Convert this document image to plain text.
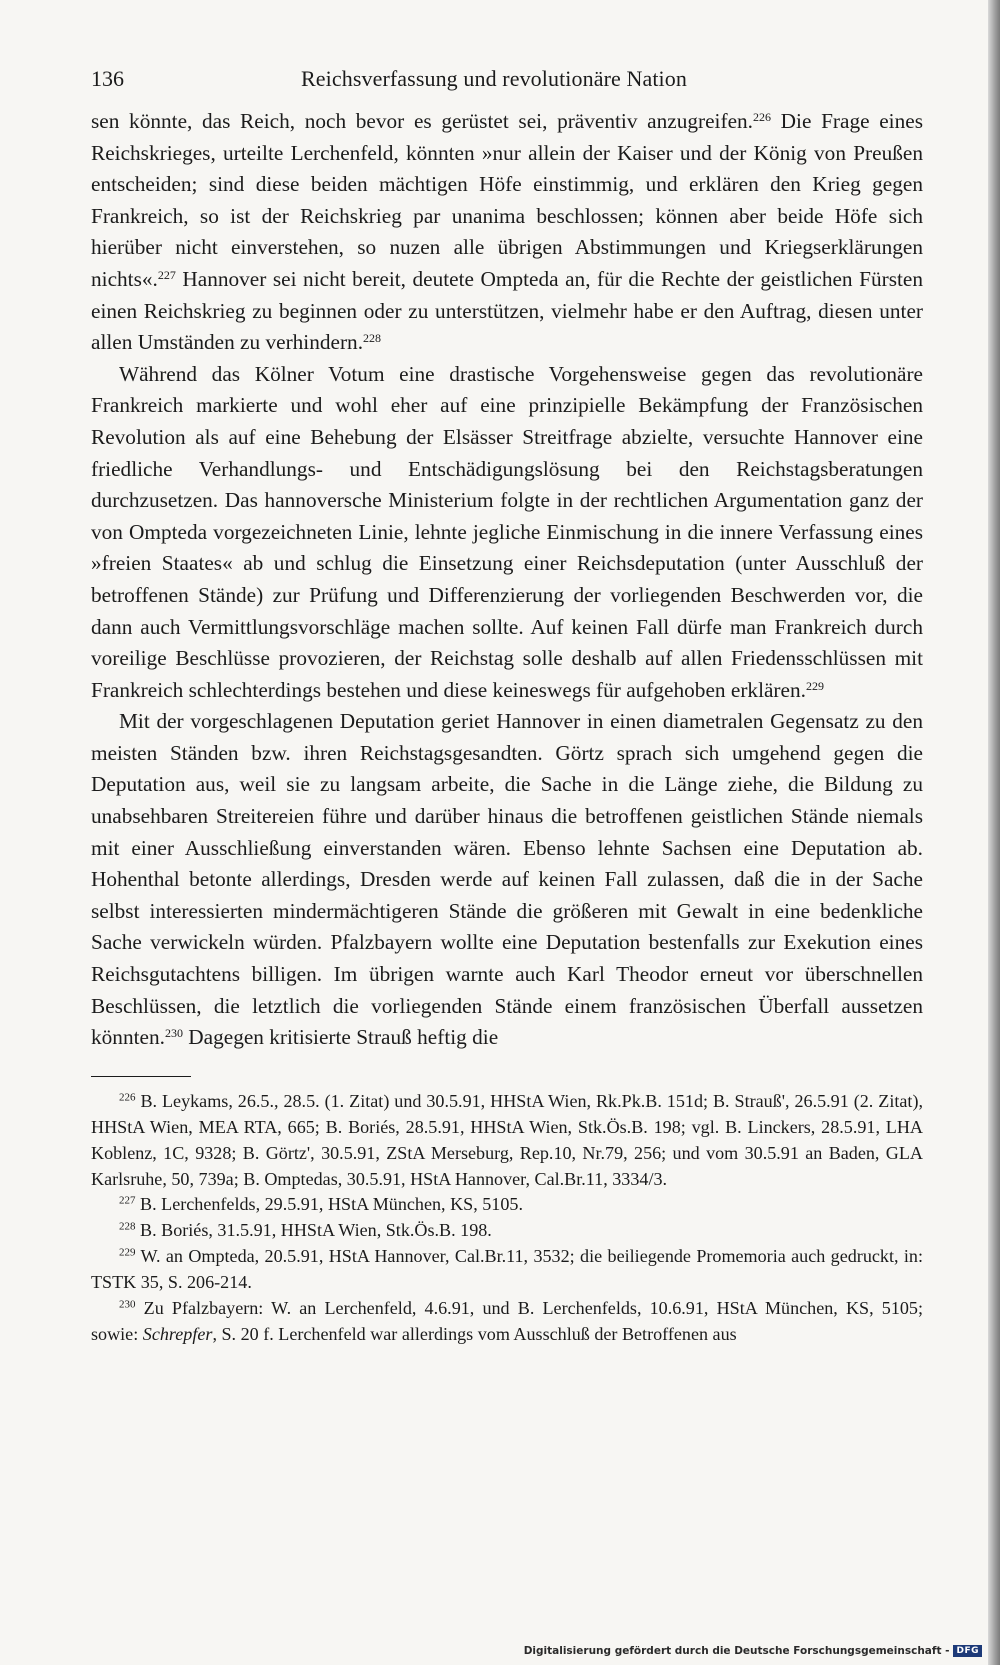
136	Reichsverfassung und revolutionäre Nation

sen könnte, das Reich, noch bevor es gerüstet sei, präventiv anzugreifen.$^{226}$ Die Frage eines Reichskrieges, urteilte Lerchenfeld, könnten »nur allein der Kaiser und der König von Preußen entscheiden; sind diese beiden mächtigen Höfe einstimmig, und erklären den Krieg gegen Frankreich, so ist der Reichskrieg par unanima beschlossen; können aber beide Höfe sich hierüber nicht einverstehen, so nuzen alle übrigen Abstimmungen und Kriegserklärungen nichts«.$^{227}$ Hannover sei nicht bereit, deutete Ompteda an, für die Rechte der geistlichen Fürsten einen Reichskrieg zu beginnen oder zu unterstützen, vielmehr habe er den Auftrag, diesen unter allen Umständen zu verhindern.$^{228}$

Während das Kölner Votum eine drastische Vorgehensweise gegen das revolutionäre Frankreich markierte und wohl eher auf eine prinzipielle Bekämpfung der Französischen Revolution als auf eine Behebung der Elsässer Streitfrage abzielte, versuchte Hannover eine friedliche Verhandlungs- und Entschädigungslösung bei den Reichstagsberatungen durchzusetzen. Das hannoversche Ministerium folgte in der rechtlichen Argumentation ganz der von Ompteda vorgezeichneten Linie, lehnte jegliche Einmischung in die innere Verfassung eines »freien Staates« ab und schlug die Einsetzung einer Reichsdeputation (unter Ausschluß der betroffenen Stände) zur Prüfung und Differenzierung der vorliegenden Beschwerden vor, die dann auch Vermittlungsvorschläge machen sollte. Auf keinen Fall dürfe man Frankreich durch voreilige Beschlüsse provozieren, der Reichstag solle deshalb auf allen Friedensschlüssen mit Frankreich schlechterdings bestehen und diese keineswegs für aufgehoben erklären.$^{229}$

Mit der vorgeschlagenen Deputation geriet Hannover in einen diametralen Gegensatz zu den meisten Ständen bzw. ihren Reichstagsgesandten. Görtz sprach sich umgehend gegen die Deputation aus, weil sie zu langsam arbeite, die Sache in die Länge ziehe, die Bildung zu unabsehbaren Streitereien führe und darüber hinaus die betroffenen geistlichen Stände niemals mit einer Ausschließung einverstanden wären. Ebenso lehnte Sachsen eine Deputation ab. Hohenthal betonte allerdings, Dresden werde auf keinen Fall zulassen, daß die in der Sache selbst interessierten mindermächtigeren Stände die größeren mit Gewalt in eine bedenkliche Sache verwickeln würden. Pfalzbayern wollte eine Deputation bestenfalls zur Exekution eines Reichsgutachtens billigen. Im übrigen warnte auch Karl Theodor erneut vor überschnellen Beschlüssen, die letztlich die vorliegenden Stände einem französischen Überfall aussetzen könnten.$^{230}$ Dagegen kritisierte Strauß heftig die

$^{226}$ B. Leykams, 26.5., 28.5. (1. Zitat) und 30.5.91, HHStA Wien, Rk.Pk.B. 151d; B. Strauß', 26.5.91 (2. Zitat), HHStA Wien, MEA RTA, 665; B. Boriés, 28.5.91, HHStA Wien, Stk.Ös.B. 198; vgl. B. Linckers, 28.5.91, LHA Koblenz, 1C, 9328; B. Görtz', 30.5.91, ZStA Merseburg, Rep.10, Nr.79, 256; und vom 30.5.91 an Baden, GLA Karlsruhe, 50, 739a; B. Omptedas, 30.5.91, HStA Hannover, Cal.Br.11, 3334/3.

$^{227}$ B. Lerchenfelds, 29.5.91, HStA München, KS, 5105.

$^{228}$ B. Boriés, 31.5.91, HHStA Wien, Stk.Ös.B. 198.

$^{229}$ W. an Ompteda, 20.5.91, HStA Hannover, Cal.Br.11, 3532; die beiliegende Promemoria auch gedruckt, in: TSTK 35, S. 206-214.

$^{230}$ Zu Pfalzbayern: W. an Lerchenfeld, 4.6.91, und B. Lerchenfelds, 10.6.91, HStA München, KS, 5105; sowie: Schrepfer, S. 20 f. Lerchenfeld war allerdings vom Ausschluß der Betroffenen aus

Digitalisierung gefördert durch die Deutsche Forschungsgemeinschaft - DFG
